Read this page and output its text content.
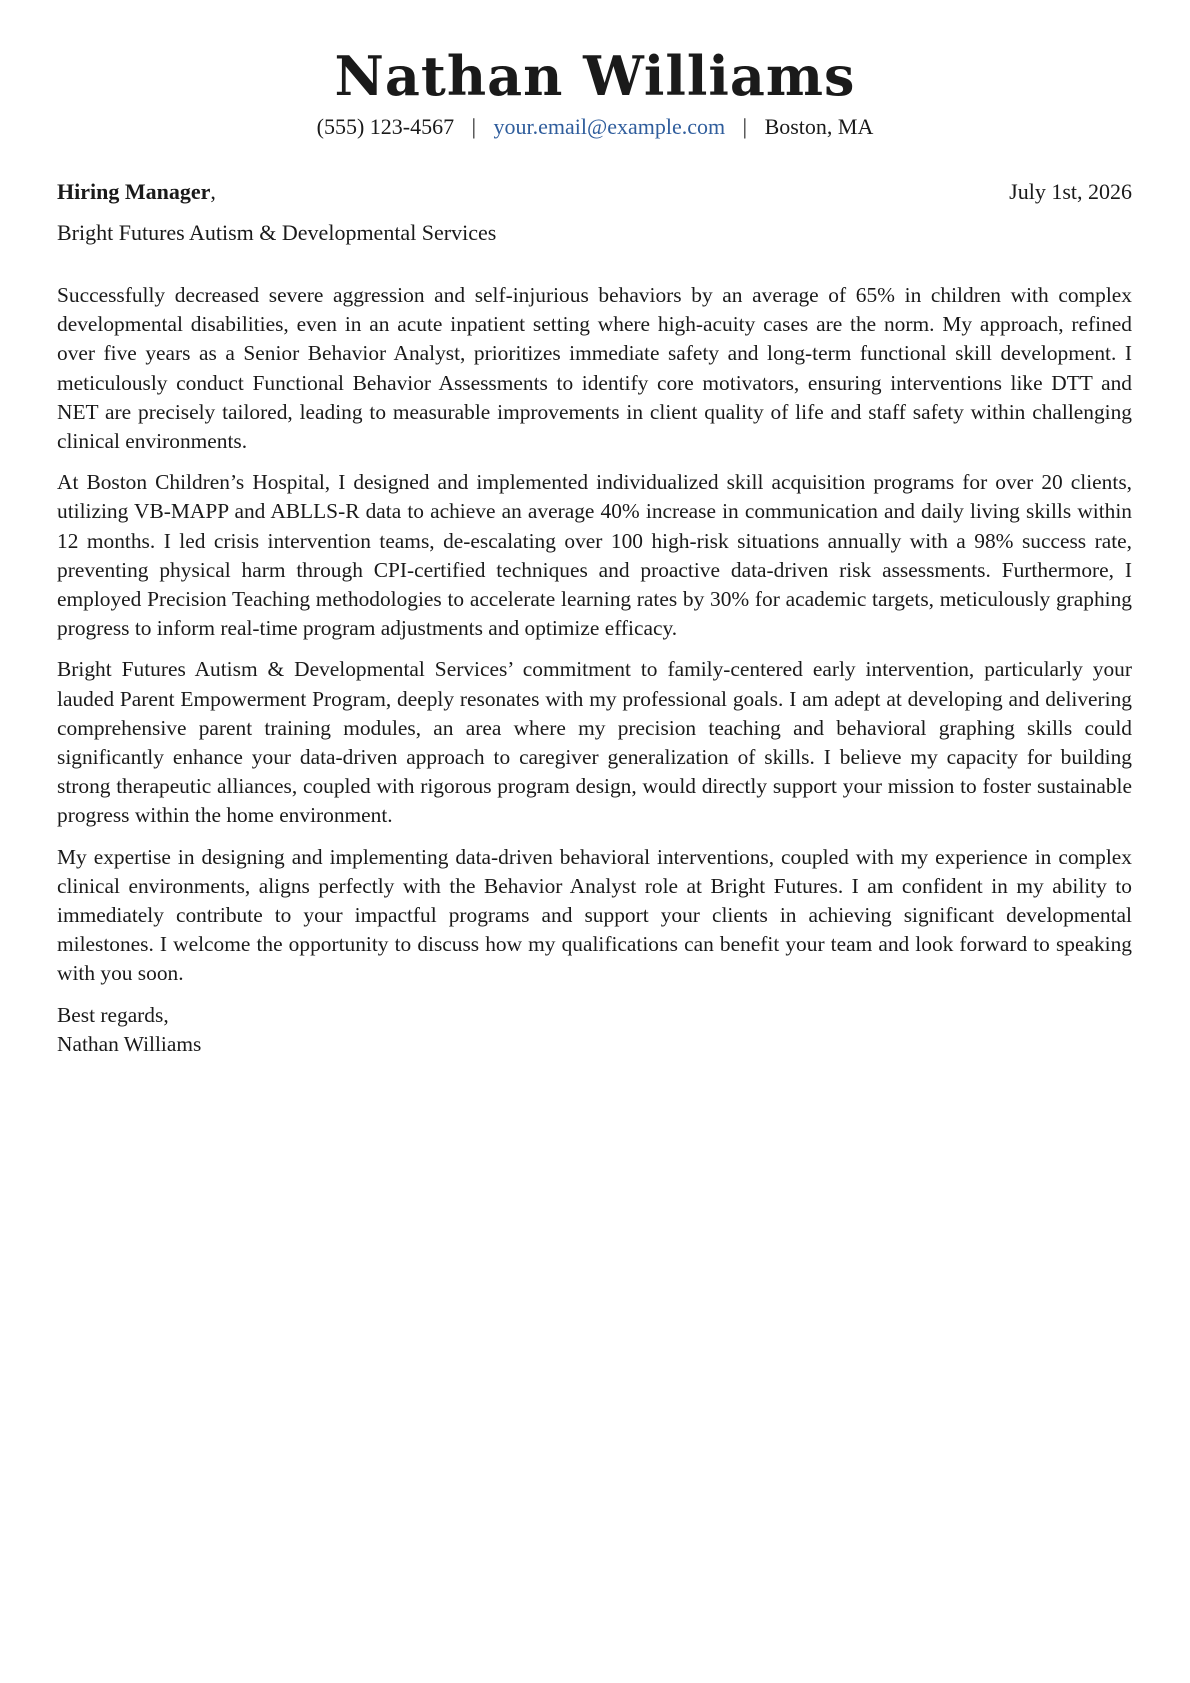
Nathan Williams
(555) 123-4567 | your.email@example.com | Boston, MA
Hiring Manager,	July 1st, 2026
Bright Futures Autism & Developmental Services

Successfully decreased severe aggression and self-injurious behaviors by an average of 65% in children with complex developmental disabilities, even in an acute inpatient setting where high-acuity cases are the norm. My approach, refined over five years as a Senior Behavior Analyst, prioritizes immediate safety and long-term functional skill development. I meticulously conduct Functional Behavior Assessments to identify core motivators, ensuring interventions like DTT and NET are precisely tailored, leading to measurable improvements in client quality of life and staff safety within challenging clinical environments.

At Boston Children’s Hospital, I designed and implemented individualized skill acquisition programs for over 20 clients, utilizing VB-MAPP and ABLLS-R data to achieve an average 40% increase in communication and daily living skills within 12 months. I led crisis intervention teams, de-escalating over 100 high-risk situations annually with a 98% success rate, preventing physical harm through CPI-certified techniques and proactive data-driven risk assessments. Furthermore, I employed Precision Teaching methodologies to accelerate learning rates by 30% for academic targets, meticulously graphing progress to inform real-time program adjustments and optimize efficacy.

Bright Futures Autism & Developmental Services’ commitment to family-centered early intervention, particularly your lauded Parent Empowerment Program, deeply resonates with my professional goals. I am adept at developing and delivering comprehensive parent training modules, an area where my precision teaching and behavioral graphing skills could significantly enhance your data-driven approach to caregiver generalization of skills. I believe my capacity for building strong therapeutic alliances, coupled with rigorous program design, would directly support your mission to foster sustainable progress within the home environment.

My expertise in designing and implementing data-driven behavioral interventions, coupled with my experience in complex clinical environments, aligns perfectly with the Behavior Analyst role at Bright Futures. I am confident in my ability to immediately contribute to your impactful programs and support your clients in achieving significant developmental milestones. I welcome the opportunity to discuss how my qualifications can benefit your team and look forward to speaking with you soon.

Best regards,
Nathan Williams
